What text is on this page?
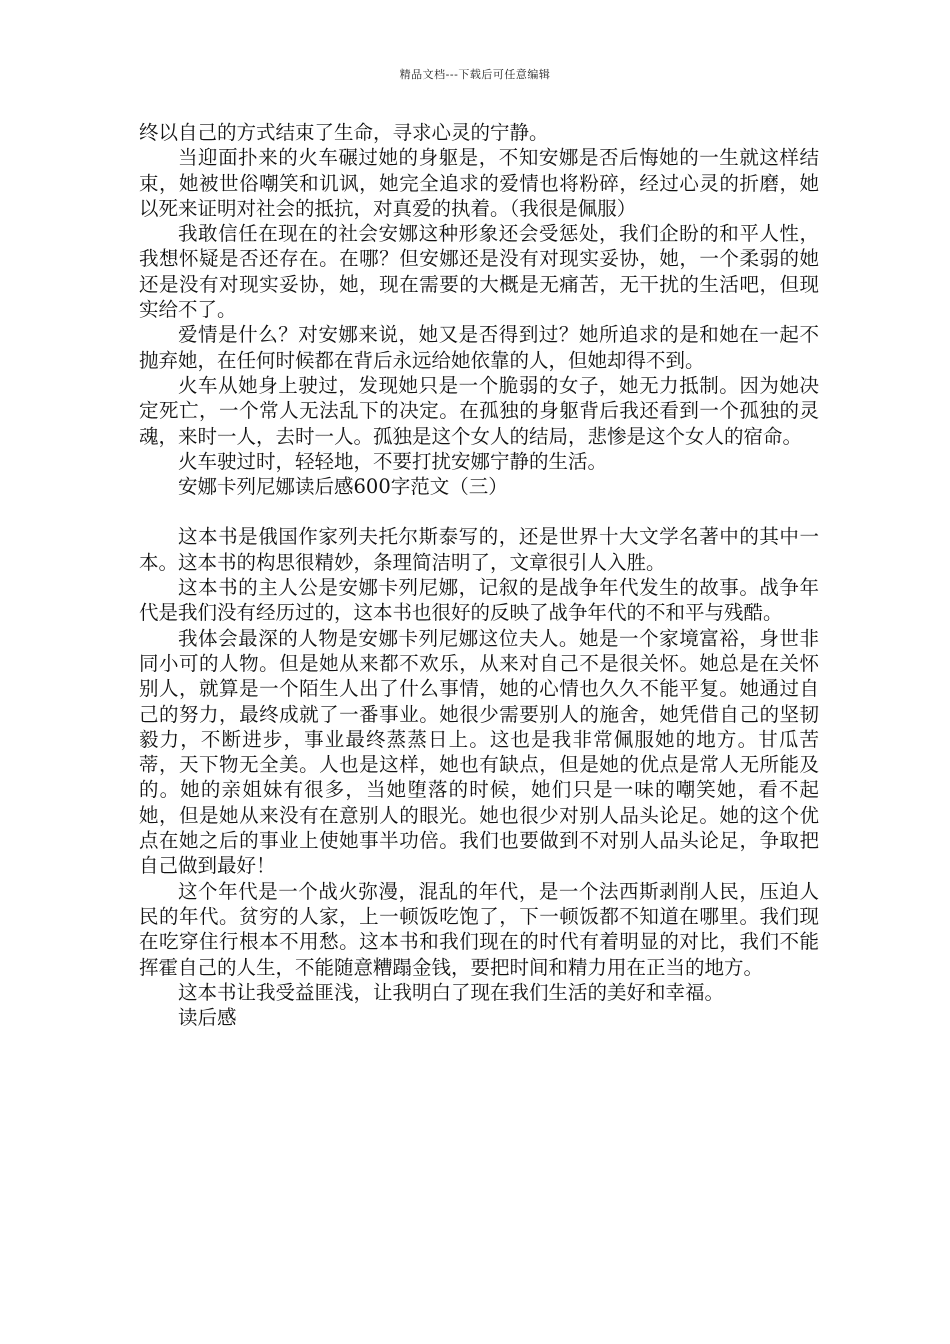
精品文档---下载后可任意编辑

终以自己的方式结束了生命，寻求心灵的宁静。

当迎面扑来的火车碾过她的身躯是，不知安娜是否后悔她的一生就这样结束，她被世俗嘲笑和讥讽，她完全追求的爱情也将粉碎，经过心灵的折磨，她以死来证明对社会的抵抗，对真爱的执着。（我很是佩服）

我敢信任在现在的社会安娜这种形象还会受惩处，我们企盼的和平人性，我想怀疑是否还存在。在哪？但安娜还是没有对现实妥协，她，一个柔弱的她还是没有对现实妥协，她，现在需要的大概是无痛苦，无干扰的生活吧，但现实给不了。

爱情是什么？对安娜来说，她又是否得到过？她所追求的是和她在一起不抛弃她，在任何时候都在背后永远给她依靠的人，但她却得不到。

火车从她身上驶过，发现她只是一个脆弱的女子，她无力抵制。因为她决定死亡，一个常人无法乱下的决定。在孤独的身躯背后我还看到一个孤独的灵魂，来时一人，去时一人。孤独是这个女人的结局，悲惨是这个女人的宿命。

火车驶过时，轻轻地，不要打扰安娜宁静的生活。

安娜卡列尼娜读后感600字范文（三）

这本书是俄国作家列夫托尔斯泰写的，还是世界十大文学名著中的其中一本。这本书的构思很精妙，条理简洁明了，文章很引人入胜。

这本书的主人公是安娜卡列尼娜，记叙的是战争年代发生的故事。战争年代是我们没有经历过的，这本书也很好的反映了战争年代的不和平与残酷。

我体会最深的人物是安娜卡列尼娜这位夫人。她是一个家境富裕，身世非同小可的人物。但是她从来都不欢乐，从来对自己不是很关怀。她总是在关怀别人，就算是一个陌生人出了什么事情，她的心情也久久不能平复。她通过自己的努力，最终成就了一番事业。她很少需要别人的施舍，她凭借自己的坚韧毅力，不断进步，事业最终蒸蒸日上。这也是我非常佩服她的地方。甘瓜苦蒂，天下物无全美。人也是这样，她也有缺点，但是她的优点是常人无所能及的。她的亲姐妹有很多，当她堕落的时候，她们只是一味的嘲笑她，看不起她，但是她从来没有在意别人的眼光。她也很少对别人品头论足。她的这个优点在她之后的事业上使她事半功倍。我们也要做到不对别人品头论足，争取把自己做到最好！

这个年代是一个战火弥漫，混乱的年代，是一个法西斯剥削人民，压迫人民的年代。贫穷的人家，上一顿饭吃饱了，下一顿饭都不知道在哪里。我们现在吃穿住行根本不用愁。这本书和我们现在的时代有着明显的对比，我们不能挥霍自己的人生，不能随意糟蹋金钱，要把时间和精力用在正当的地方。

这本书让我受益匪浅，让我明白了现在我们生活的美好和幸福。

读后感
